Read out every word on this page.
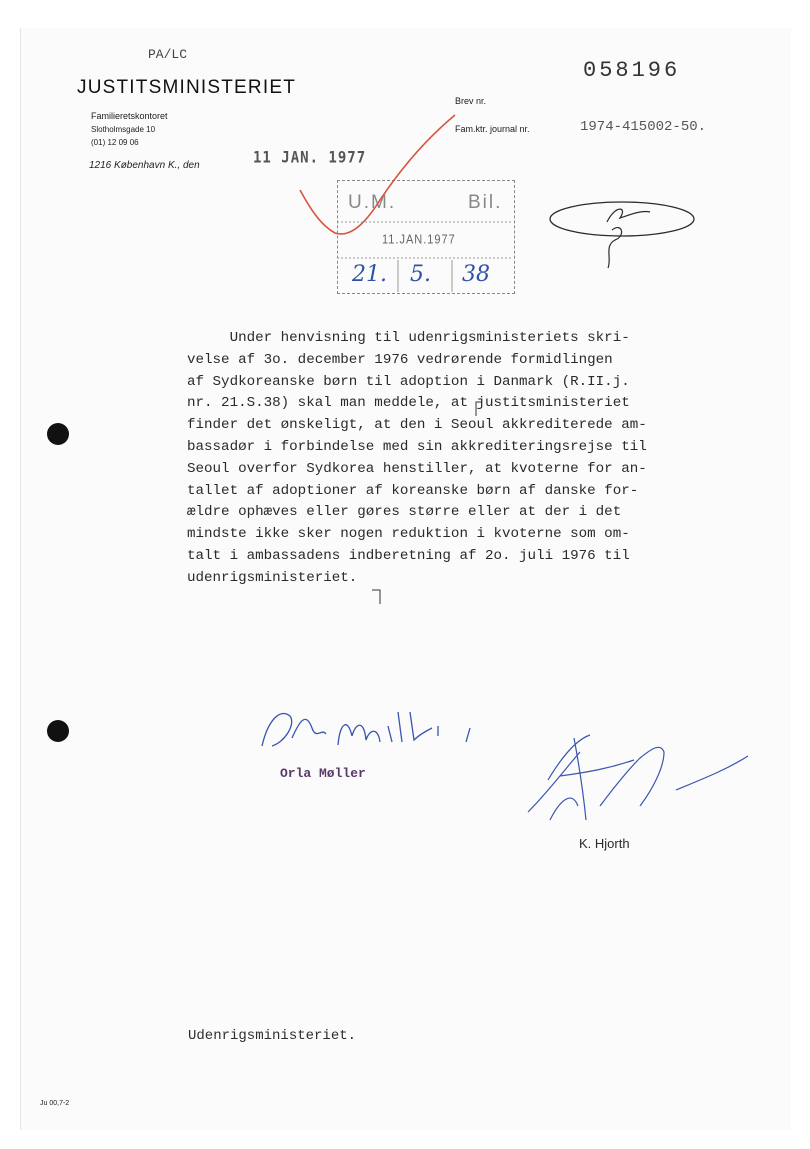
PA/LC
JUSTITSMINISTERIET
Familieretskontoret
Slotholmsgade 10
(01) 12 09 06
1216 København K., den	11 JAN. 1977
058196
Brev nr.
Fam.ktr. journal nr.	1974-415002-50.
U.M.	Bil.
11.JAN.1977
21. 5. 38
Under henvisning til udenrigsministeriets skri-
velse af 3o. december 1976 vedrørende formidlingen
af Sydkoreanske børn til adoption i Danmark (R.II.j.
nr. 21.S.38) skal man meddele, at justitsministeriet
finder det ønskeligt, at den i Seoul akkrediterede am-
bassadør i forbindelse med sin akkrediteringsrejse til
Seoul overfor Sydkorea henstiller, at kvoterne for an-
tallet af adoptioner af koreanske børn af danske for-
ældre ophæves eller gøres større eller at der i det
mindste ikke sker nogen reduktion i kvoterne som om-
talt i ambassadens indberetning af 2o. juli 1976 til
udenrigsministeriet.
Orla Møller
K. Hjorth
Udenrigsministeriet.
Ju 00,7-2
